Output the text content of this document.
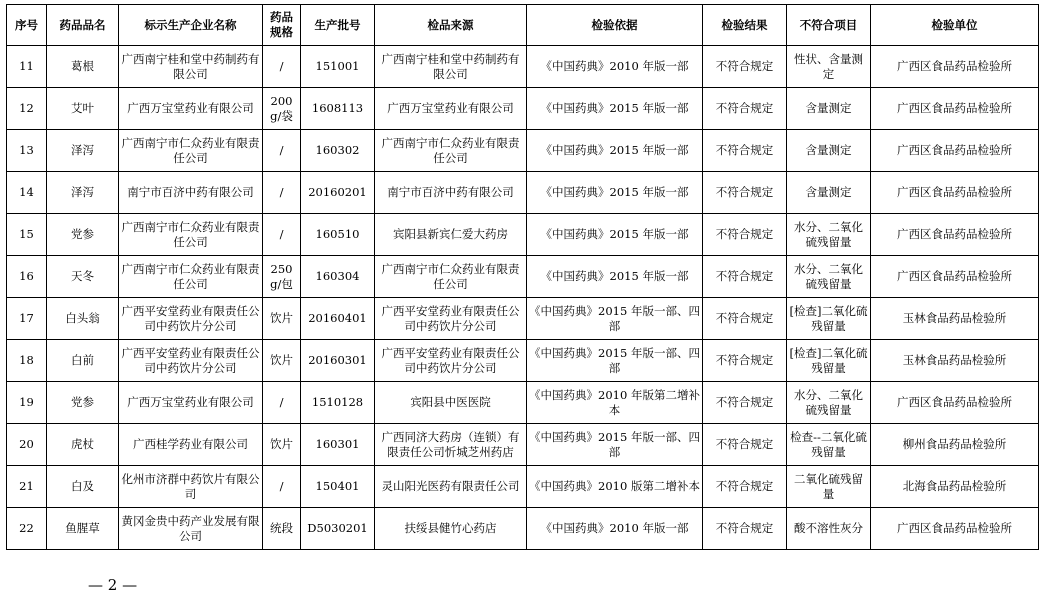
序号	药品品名	标示生产企业名称	药品规格	生产批号	检品来源	检验依据	检验结果	不符合项目	检验单位
11	葛根	广西南宁桂和堂中药制药有限公司	/	151001	广西南宁桂和堂中药制药有限公司	《中国药典》2010 年版一部	不符合规定	性状、含量测定	广西区食品药品检验所
12	艾叶	广西万宝堂药业有限公司	200g/袋	1608113	广西万宝堂药业有限公司	《中国药典》2015 年版一部	不符合规定	含量测定	广西区食品药品检验所
13	泽泻	广西南宁市仁众药业有限责任公司	/	160302	广西南宁市仁众药业有限责任公司	《中国药典》2015 年版一部	不符合规定	含量测定	广西区食品药品检验所
14	泽泻	南宁市百济中药有限公司	/	20160201	南宁市百济中药有限公司	《中国药典》2015 年版一部	不符合规定	含量测定	广西区食品药品检验所
15	党参	广西南宁市仁众药业有限责任公司	/	160510	宾阳县新宾仁爱大药房	《中国药典》2015 年版一部	不符合规定	水分、二氧化硫残留量	广西区食品药品检验所
16	天冬	广西南宁市仁众药业有限责任公司	250g/包	160304	广西南宁市仁众药业有限责任公司	《中国药典》2015 年版一部	不符合规定	水分、二氧化硫残留量	广西区食品药品检验所
17	白头翁	广西平安堂药业有限责任公司中药饮片分公司	饮片	20160401	广西平安堂药业有限责任公司中药饮片分公司	《中国药典》2015 年版一部、四部	不符合规定	[检查]二氧化硫残留量	玉林食品药品检验所
18	白前	广西平安堂药业有限责任公司中药饮片分公司	饮片	20160301	广西平安堂药业有限责任公司中药饮片分公司	《中国药典》2015 年版一部、四部	不符合规定	[检查]二氧化硫残留量	玉林食品药品检验所
19	党参	广西万宝堂药业有限公司	/	1510128	宾阳县中医医院	《中国药典》2010 年版第二增补本	不符合规定	水分、二氧化硫残留量	广西区食品药品检验所
20	虎杖	广西桂学药业有限公司	饮片	160301	广西同济大药房（连锁）有限责任公司忻城芝州药店	《中国药典》2015 年版一部、四部	不符合规定	检查--二氧化硫残留量	柳州食品药品检验所
21	白及	化州市济群中药饮片有限公司	/	150401	灵山阳光医药有限责任公司	《中国药典》2010 版第二增补本	不符合规定	二氧化硫残留量	北海食品药品检验所
22	鱼腥草	黄冈金贵中药产业发展有限公司	统段	D5030201	扶绥县健竹心药店	《中国药典》2010 年版一部	不符合规定	酸不溶性灰分	广西区食品药品检验所
— 2 —
